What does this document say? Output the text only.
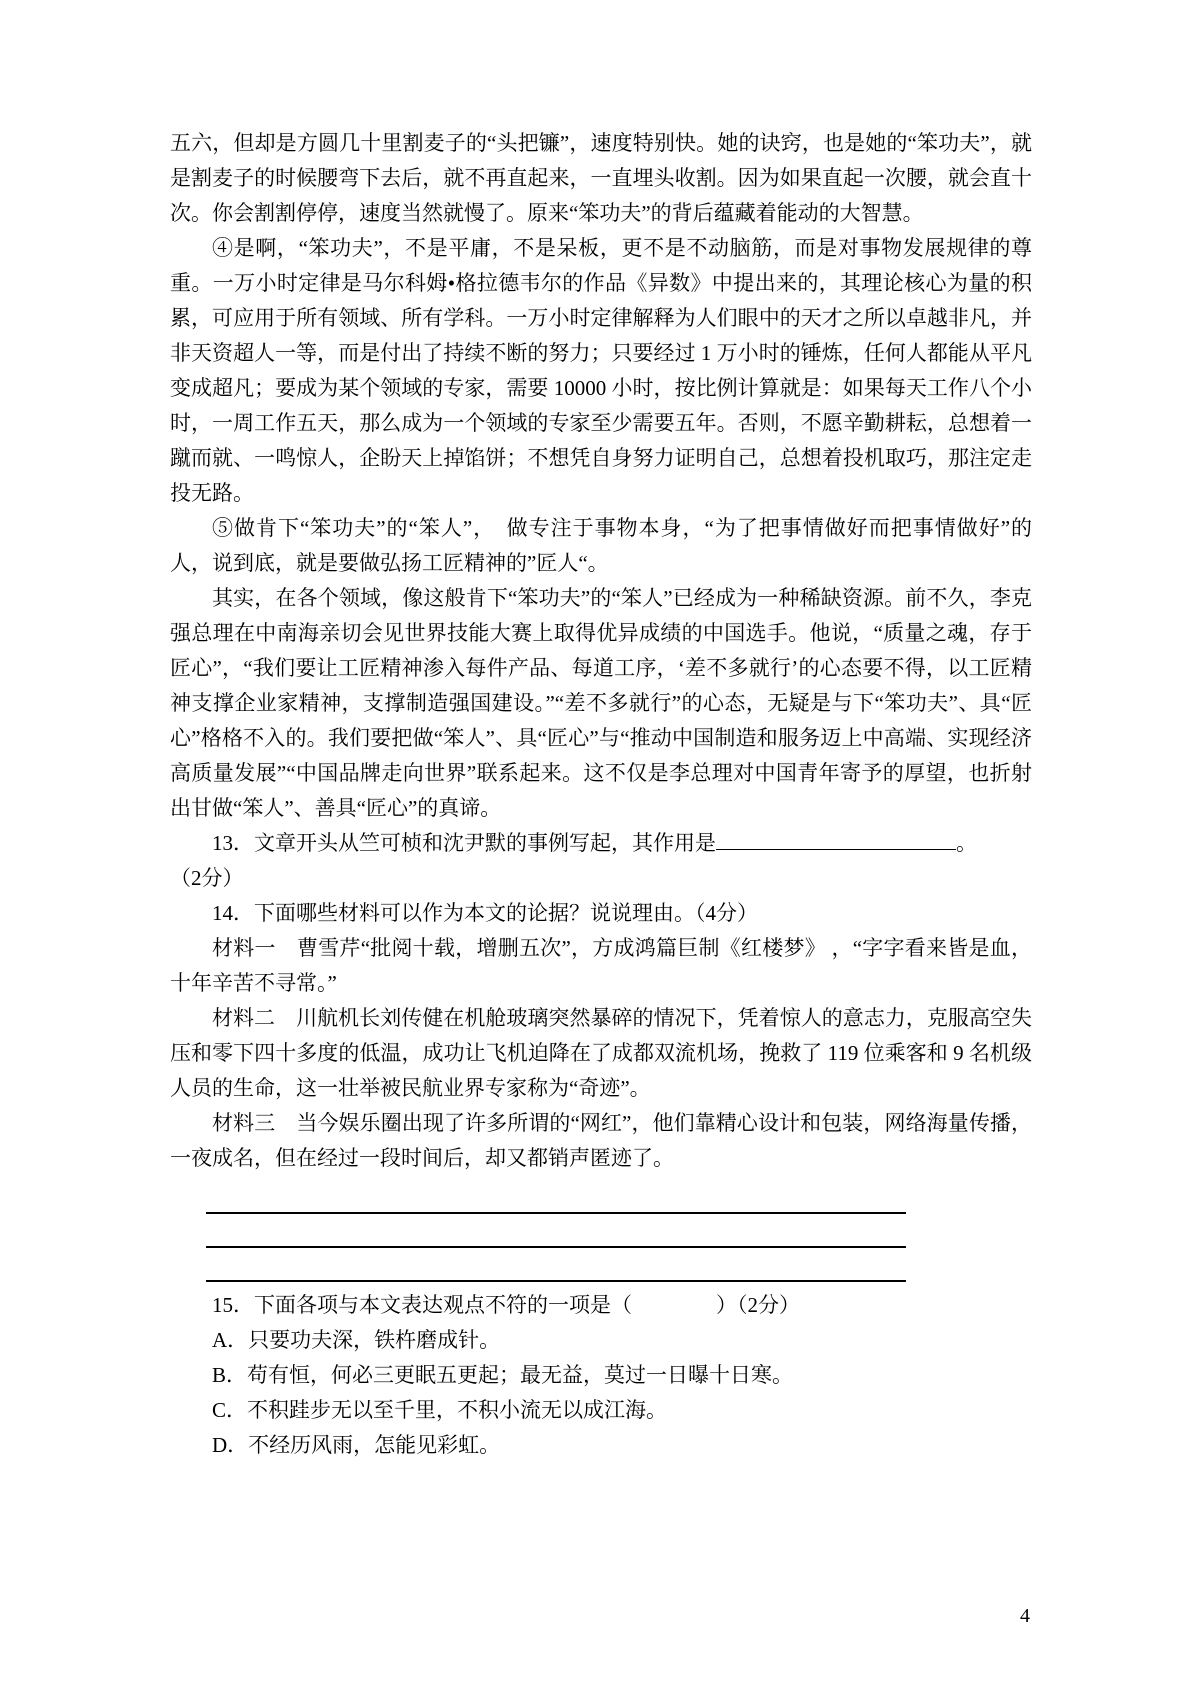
五六，但却是方圆几十里割麦子的“头把镰”，速度特别快。她的诀窍，也是她的“笨功夫”，就是割麦子的时候腰弯下去后，就不再直起来，一直埋头收割。因为如果直起一次腰，就会直十次。你会割割停停，速度当然就慢了。原来“笨功夫”的背后蕴藏着能动的大智慧。

④是啊，“笨功夫”，不是平庸，不是呆板，更不是不动脑筋，而是对事物发展规律的尊重。一万小时定律是马尔科姆•格拉德韦尔的作品《异数》中提出来的，其理论核心为量的积累，可应用于所有领域、所有学科。一万小时定律解释为人们眼中的天才之所以卓越非凡，并非天资超人一等，而是付出了持续不断的努力；只要经过 1 万小时的锤炼，任何人都能从平凡变成超凡；要成为某个领域的专家，需要 10000 小时，按比例计算就是：如果每天工作八个小时，一周工作五天，那么成为一个领域的专家至少需要五年。否则，不愿辛勤耕耘，总想着一蹴而就、一鸣惊人，企盼天上掉馅饼；不想凭自身努力证明自己，总想着投机取巧，那注定走投无路。

⑤做肯下“笨功夫”的“笨人”，　做专注于事物本身，“为了把事情做好而把事情做好”的人，说到底，就是要做弘扬工匠精神的”匠人“。

其实，在各个领域，像这般肯下“笨功夫”的“笨人”已经成为一种稀缺资源。前不久，李克强总理在中南海亲切会见世界技能大赛上取得优异成绩的中国选手。他说，“质量之魂，存于匠心”，“我们要让工匠精神渗入每件产品、每道工序，‘差不多就行’的心态要不得，以工匠精神支撑企业家精神，支撑制造强国建设。”“差不多就行”的心态，无疑是与下“笨功夫”、具“匠心”格格不入的。我们要把做“笨人”、具“匠心”与“推动中国制造和服务迈上中高端、实现经济高质量发展”“中国品牌走向世界”联系起来。这不仅是李总理对中国青年寄予的厚望，也折射出甘做“笨人”、善具“匠心”的真谛。

13．文章开头从竺可桢和沈尹默的事例写起，其作用是	。

（2分）

14．下面哪些材料可以作为本文的论据？说说理由。（4分）

材料一　曹雪芹“批阅十载，增删五次”，方成鸿篇巨制《红楼梦》 ，“字字看来皆是血，十年辛苦不寻常。”

材料二　川航机长刘传健在机舱玻璃突然暴碎的情况下，凭着惊人的意志力，克服高空失压和零下四十多度的低温，成功让飞机迫降在了成都双流机场，挽救了 119 位乘客和 9 名机级人员的生命，这一壮举被民航业界专家称为“奇迹”。

材料三　当今娱乐圈出现了许多所谓的“网红”，他们靠精心设计和包装，网络海量传播，一夜成名，但在经过一段时间后，却又都销声匿迹了。

15．下面各项与本文表达观点不符的一项是（　　　　）（2分）

A．只要功夫深，铁杵磨成针。

B．苟有恒，何必三更眠五更起；最无益，莫过一日曝十日寒。

C．不积跬步无以至千里，不积小流无以成江海。

D．不经历风雨，怎能见彩虹。

4
